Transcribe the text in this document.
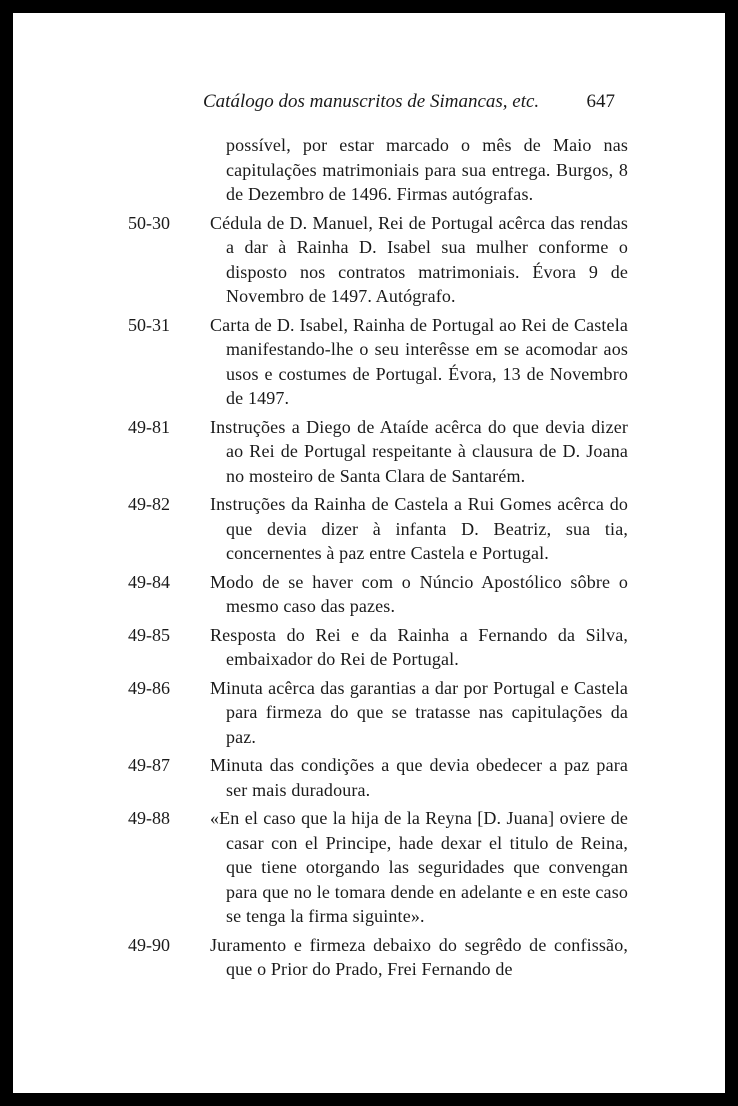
Catálogo dos manuscritos de Simancas, etc. 647
possível, por estar marcado o mês de Maio nas capitulações matrimoniais para sua entrega. Burgos, 8 de Dezembro de 1496. Firmas autógrafas.
50-30	Cédula de D. Manuel, Rei de Portugal acêrca das rendas a dar à Rainha D. Isabel sua mulher conforme o disposto nos contratos matrimoniais. Évora 9 de Novembro de 1497. Autógrafo.
50-31	Carta de D. Isabel, Rainha de Portugal ao Rei de Castela manifestando-lhe o seu interêsse em se acomodar aos usos e costumes de Portugal. Évora, 13 de Novembro de 1497.
49-81	Instruções a Diego de Ataíde acêrca do que devia dizer ao Rei de Portugal respeitante à clausura de D. Joana no mosteiro de Santa Clara de Santarém.
49-82	Instruções da Rainha de Castela a Rui Gomes acêrca do que devia dizer à infanta D. Beatriz, sua tia, concernentes à paz entre Castela e Portugal.
49-84	Modo de se haver com o Núncio Apostólico sôbre o mesmo caso das pazes.
49-85	Resposta do Rei e da Rainha a Fernando da Silva, embaixador do Rei de Portugal.
49-86	Minuta acêrca das garantias a dar por Portugal e Castela para firmeza do que se tratasse nas capitulações da paz.
49-87	Minuta das condições a que devia obedecer a paz para ser mais duradoura.
49-88	«En el caso que la hija de la Reyna [D. Juana] oviere de casar con el Principe, hade dexar el titulo de Reina, que tiene otorgando las seguridades que convengan para que no le tomara dende en adelante e en este caso se tenga la firma siguinte».
49-90	Juramento e firmeza debaixo do segrêdo de confissão, que o Prior do Prado, Frei Fernando de
